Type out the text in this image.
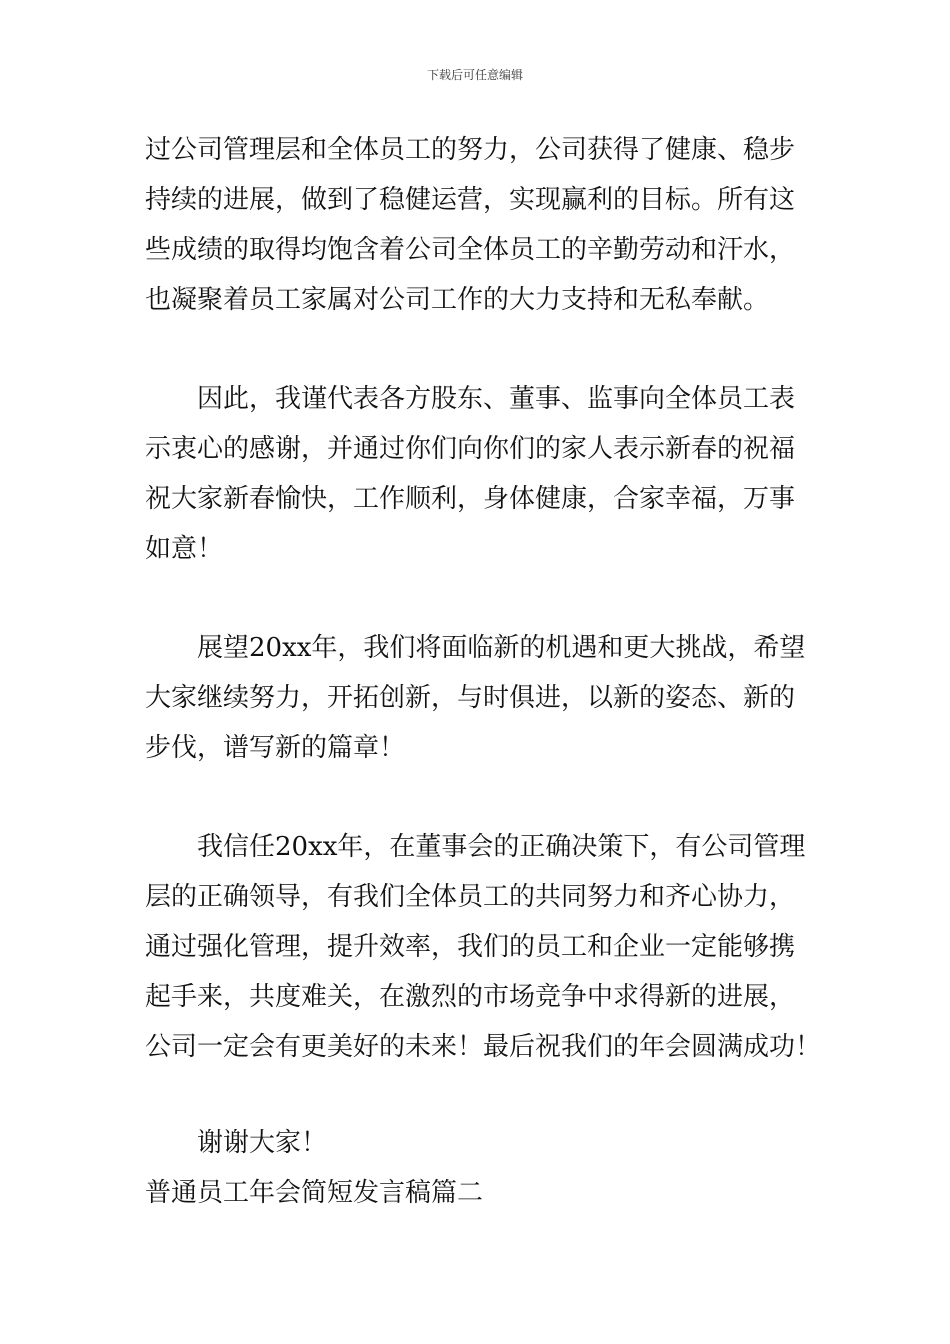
下载后可任意编辑
过公司管理层和全体员工的努力，公司获得了健康、稳步
持续的进展，做到了稳健运营，实现赢利的目标。所有这
些成绩的取得均饱含着公司全体员工的辛勤劳动和汗水，
也凝聚着员工家属对公司工作的大力支持和无私奉献。
因此，我谨代表各方股东、董事、监事向全体员工表
示衷心的感谢，并通过你们向你们的家人表示新春的祝福
祝大家新春愉快，工作顺利，身体健康，合家幸福，万事
如意！
展望20xx年，我们将面临新的机遇和更大挑战，希望
大家继续努力，开拓创新，与时俱进，以新的姿态、新的
步伐，谱写新的篇章！
我信任20xx年，在董事会的正确决策下，有公司管理
层的正确领导，有我们全体员工的共同努力和齐心协力，
通过强化管理，提升效率，我们的员工和企业一定能够携
起手来，共度难关，在激烈的市场竞争中求得新的进展，
公司一定会有更美好的未来！最后祝我们的年会圆满成功！
谢谢大家！
普通员工年会简短发言稿篇二
